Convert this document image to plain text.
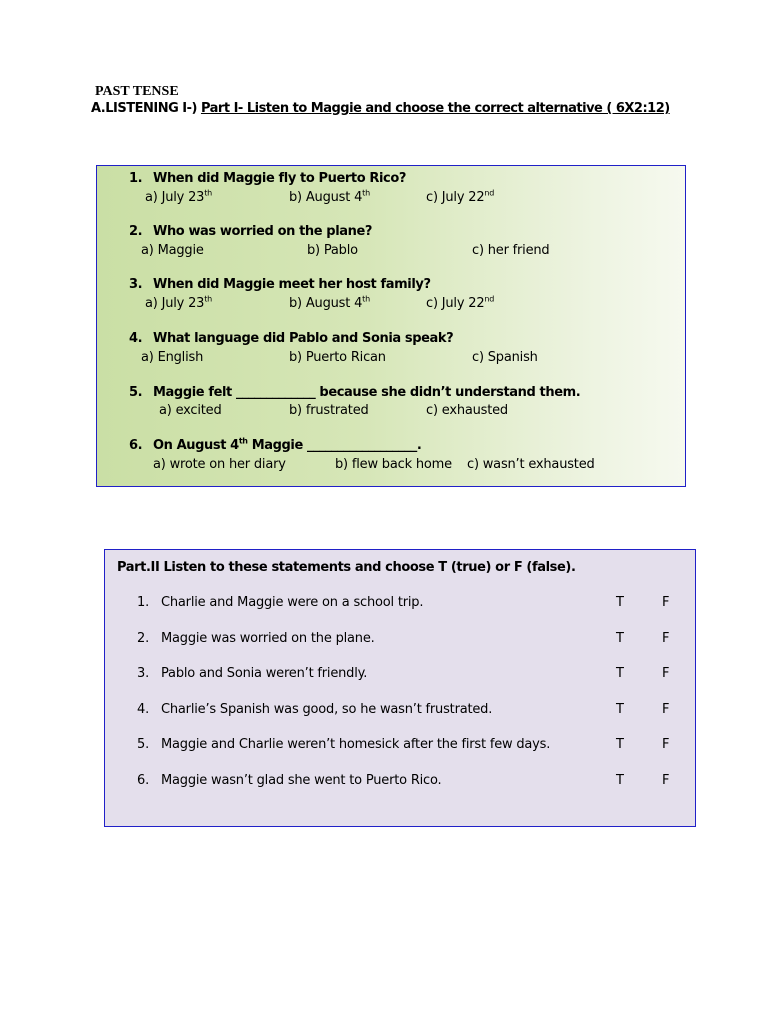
PAST TENSE
A.LISTENING I-) Part I- Listen to Maggie and choose the correct alternative ( 6X2:12)
1. When did Maggie fly to Puerto Rico?
a) July 23th	b) August 4th	c) July 22nd
2. Who was worried on the plane?
a) Maggie	b) Pablo	c) her friend
3. When did Maggie meet her host family?
a) July 23th	b) August 4th	c) July 22nd
4. What language did Pablo and Sonia speak?
a) English	b) Puerto Rican	c) Spanish
5. Maggie felt _____________ because she didn’t understand them.
a) excited	b) frustrated	c) exhausted
6. On August 4th Maggie __________________.
a) wrote on her diary	b) flew back home c) wasn’t exhausted
Part.II Listen to these statements and choose T (true) or F (false).
1. Charlie and Maggie were on a school trip.	T	F
2. Maggie was worried on the plane.	T	F
3. Pablo and Sonia weren’t friendly.	T	F
4. Charlie’s Spanish was good, so he wasn’t frustrated.	T	F
5. Maggie and Charlie weren’t homesick after the first few days.	T	F
6. Maggie wasn’t glad she went to Puerto Rico.	T	F
